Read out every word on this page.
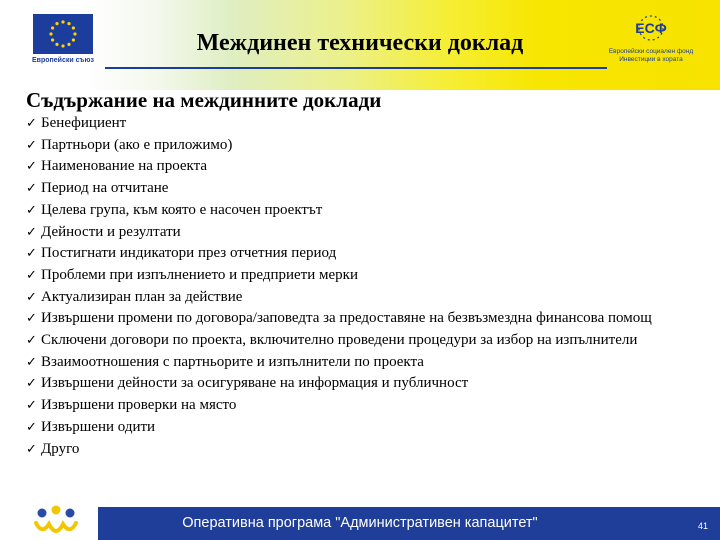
Европейски съюз
Междинен технически доклад
ЕСФ
Европейски социален фонд
Инвестиции в хората
Съдържание на междинните доклади
✓ Бенефициент
✓ Партньори (ако е приложимо)
✓ Наименование на проекта
✓ Период на отчитане
✓ Целева група, към която е насочен проектът
✓ Дейности и резултати
✓ Постигнати индикатори през отчетния период
✓ Проблеми при изпълнението и предприети мерки
✓ Актуализиран план за действие
✓ Извършени промени по договора/заповедта за предоставяне на безвъзмездна финансова помощ
✓ Сключени договори по проекта, включително проведени процедури за избор на изпълнители
✓ Взаимоотношения с партньорите и изпълнители по проекта
✓ Извършени дейности за осигуряване на информация и публичност
✓ Извършени проверки на място
✓ Извършени одити
✓ Друго
Оперативна програма "Административен капацитет"	41
